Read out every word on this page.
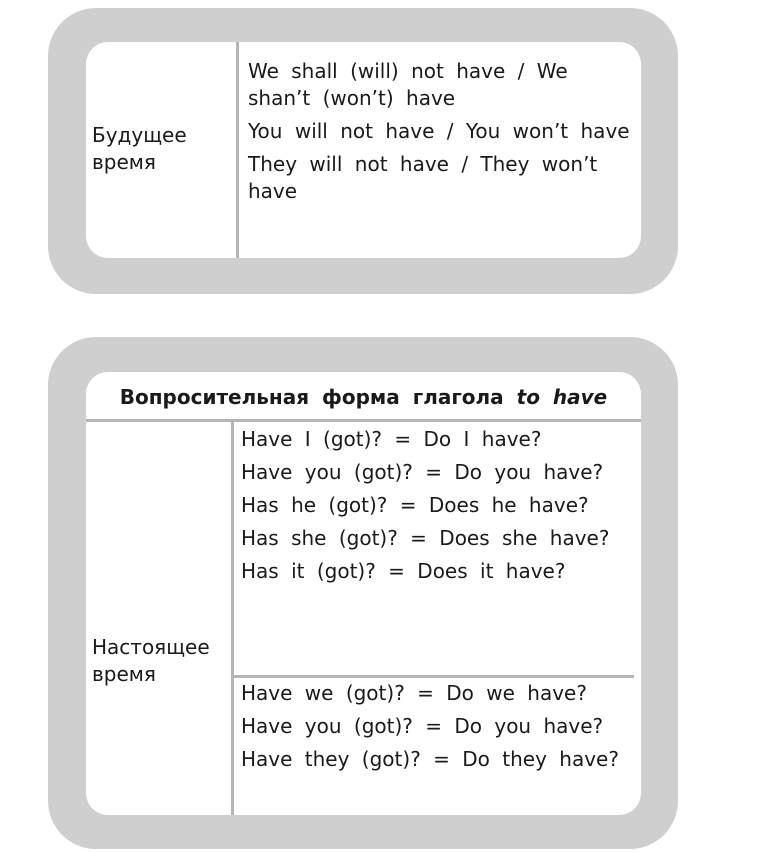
Будущее время
We shall (will) not have / We shan’t (won’t) have
You will not have / You won’t have
They will not have / They won’t have
Вопросительная форма глагола to have
Настоящее время
Have I (got)? = Do I have?
Have you (got)? = Do you have?
Has he (got)? = Does he have?
Has she (got)? = Does she have?
Has it (got)? = Does it have?
Have we (got)? = Do we have?
Have you (got)? = Do you have?
Have they (got)? = Do they have?
